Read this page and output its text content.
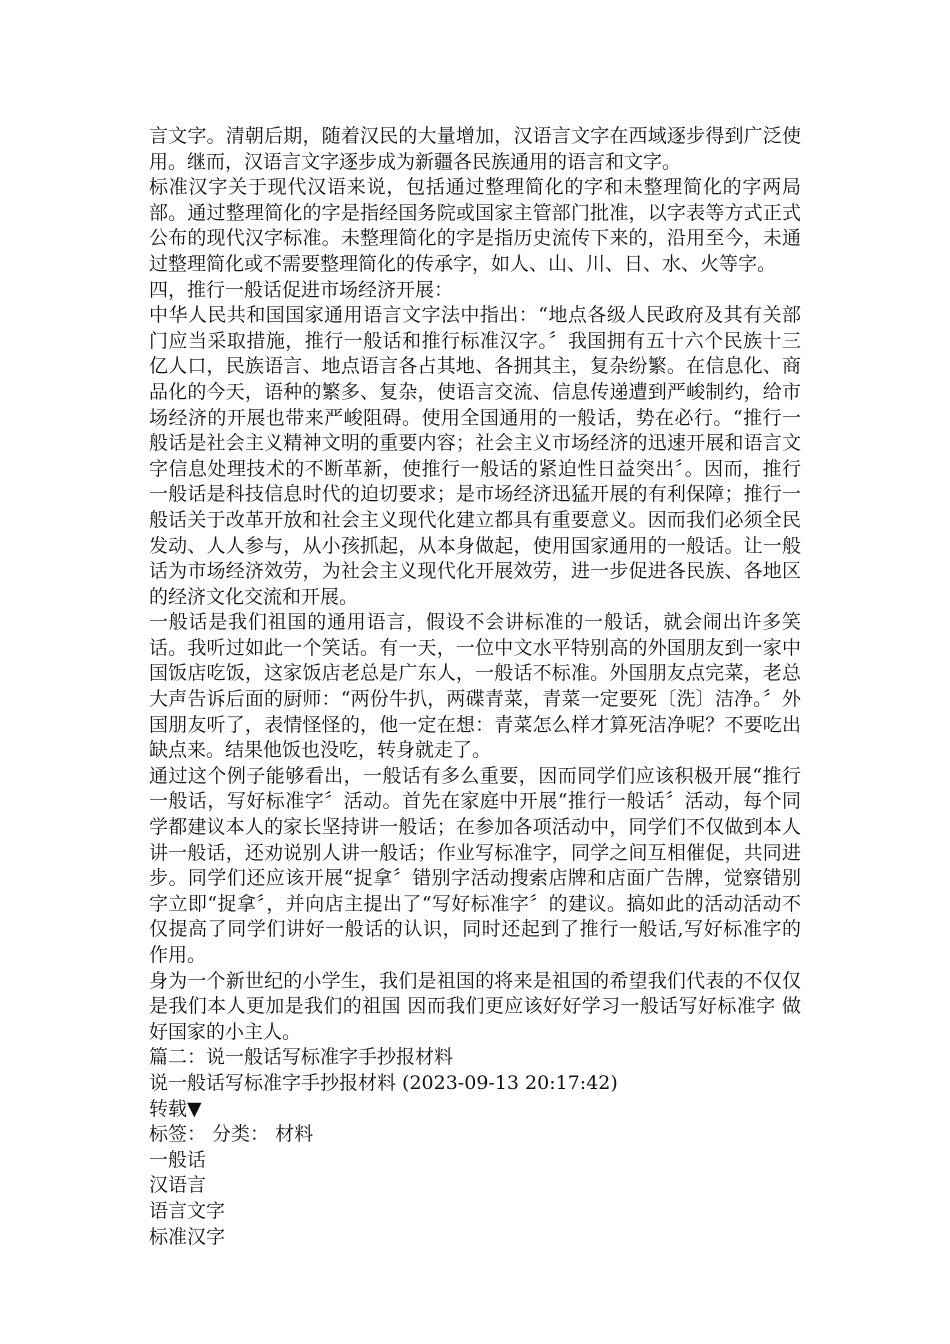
言文字。清朝后期，随着汉民的大量增加，汉语言文字在西域逐步得到广泛使用。继而，汉语言文字逐步成为新疆各民族通用的语言和文字。

标准汉字关于现代汉语来说，包括通过整理简化的字和未整理简化的字两局部。通过整理简化的字是指经国务院或国家主管部门批准，以字表等方式正式公布的现代汉字标准。未整理简化的字是指历史流传下来的，沿用至今，未通过整理简化或不需要整理简化的传承字，如人、山、川、日、水、火等字。

四，推行一般话促进市场经济开展：

中华人民共和国国家通用语言文字法中指出：“地点各级人民政府及其有关部门应当采取措施，推行一般话和推行标准汉字。〞我国拥有五十六个民族十三亿人口，民族语言、地点语言各占其地、各拥其主，复杂纷繁。在信息化、商品化的今天，语种的繁多、复杂，使语言交流、信息传递遭到严峻制约，给市场经济的开展也带来严峻阻碍。使用全国通用的一般话，势在必行。“推行一般话是社会主义精神文明的重要内容；社会主义市场经济的迅速开展和语言文字信息处理技术的不断革新，使推行一般话的紧迫性日益突出〞。因而，推行一般话是科技信息时代的迫切要求；是市场经济迅猛开展的有利保障；推行一般话关于改革开放和社会主义现代化建立都具有重要意义。因而我们必须全民发动、人人参与，从小孩抓起，从本身做起，使用国家通用的一般话。让一般话为市场经济效劳，为社会主义现代化开展效劳，进一步促进各民族、各地区的经济文化交流和开展。

一般话是我们祖国的通用语言，假设不会讲标准的一般话，就会闹出许多笑话。我听过如此一个笑话。有一天，一位中文水平特别高的外国朋友到一家中国饭店吃饭，这家饭店老总是广东人，一般话不标准。外国朋友点完菜，老总大声告诉后面的厨师：“两份牛扒，两碟青菜，青菜一定要死〔洗〕洁净。〞外国朋友听了，表情怪怪的，他一定在想：青菜怎么样才算死洁净呢？不要吃出缺点来。结果他饭也没吃，转身就走了。

通过这个例子能够看出，一般话有多么重要，因而同学们应该积极开展“推行一般话，写好标准字〞活动。首先在家庭中开展“推行一般话〞活动，每个同学都建议本人的家长坚持讲一般话；在参加各项活动中，同学们不仅做到本人讲一般话，还劝说别人讲一般话；作业写标准字，同学之间互相催促，共同进步。同学们还应该开展“捉拿〞错别字活动搜索店牌和店面广告牌，觉察错别字立即“捉拿〞，并向店主提出了“写好标准字〞的建议。搞如此的活动活动不仅提高了同学们讲好一般话的认识，同时还起到了推行一般话,写好标准字的作用。

身为一个新世纪的小学生，我们是祖国的将来是祖国的希望我们代表的不仅仅是我们本人更加是我们的祖国 因而我们更应该好好学习一般话写好标准字 做好国家的小主人。

篇二：说一般话写标准字手抄报材料

说一般话写标准字手抄报材料 (2023-09-13 20:17:42)

转载▼

标签： 分类： 材料

一般话

汉语言

语言文字

标准汉字
